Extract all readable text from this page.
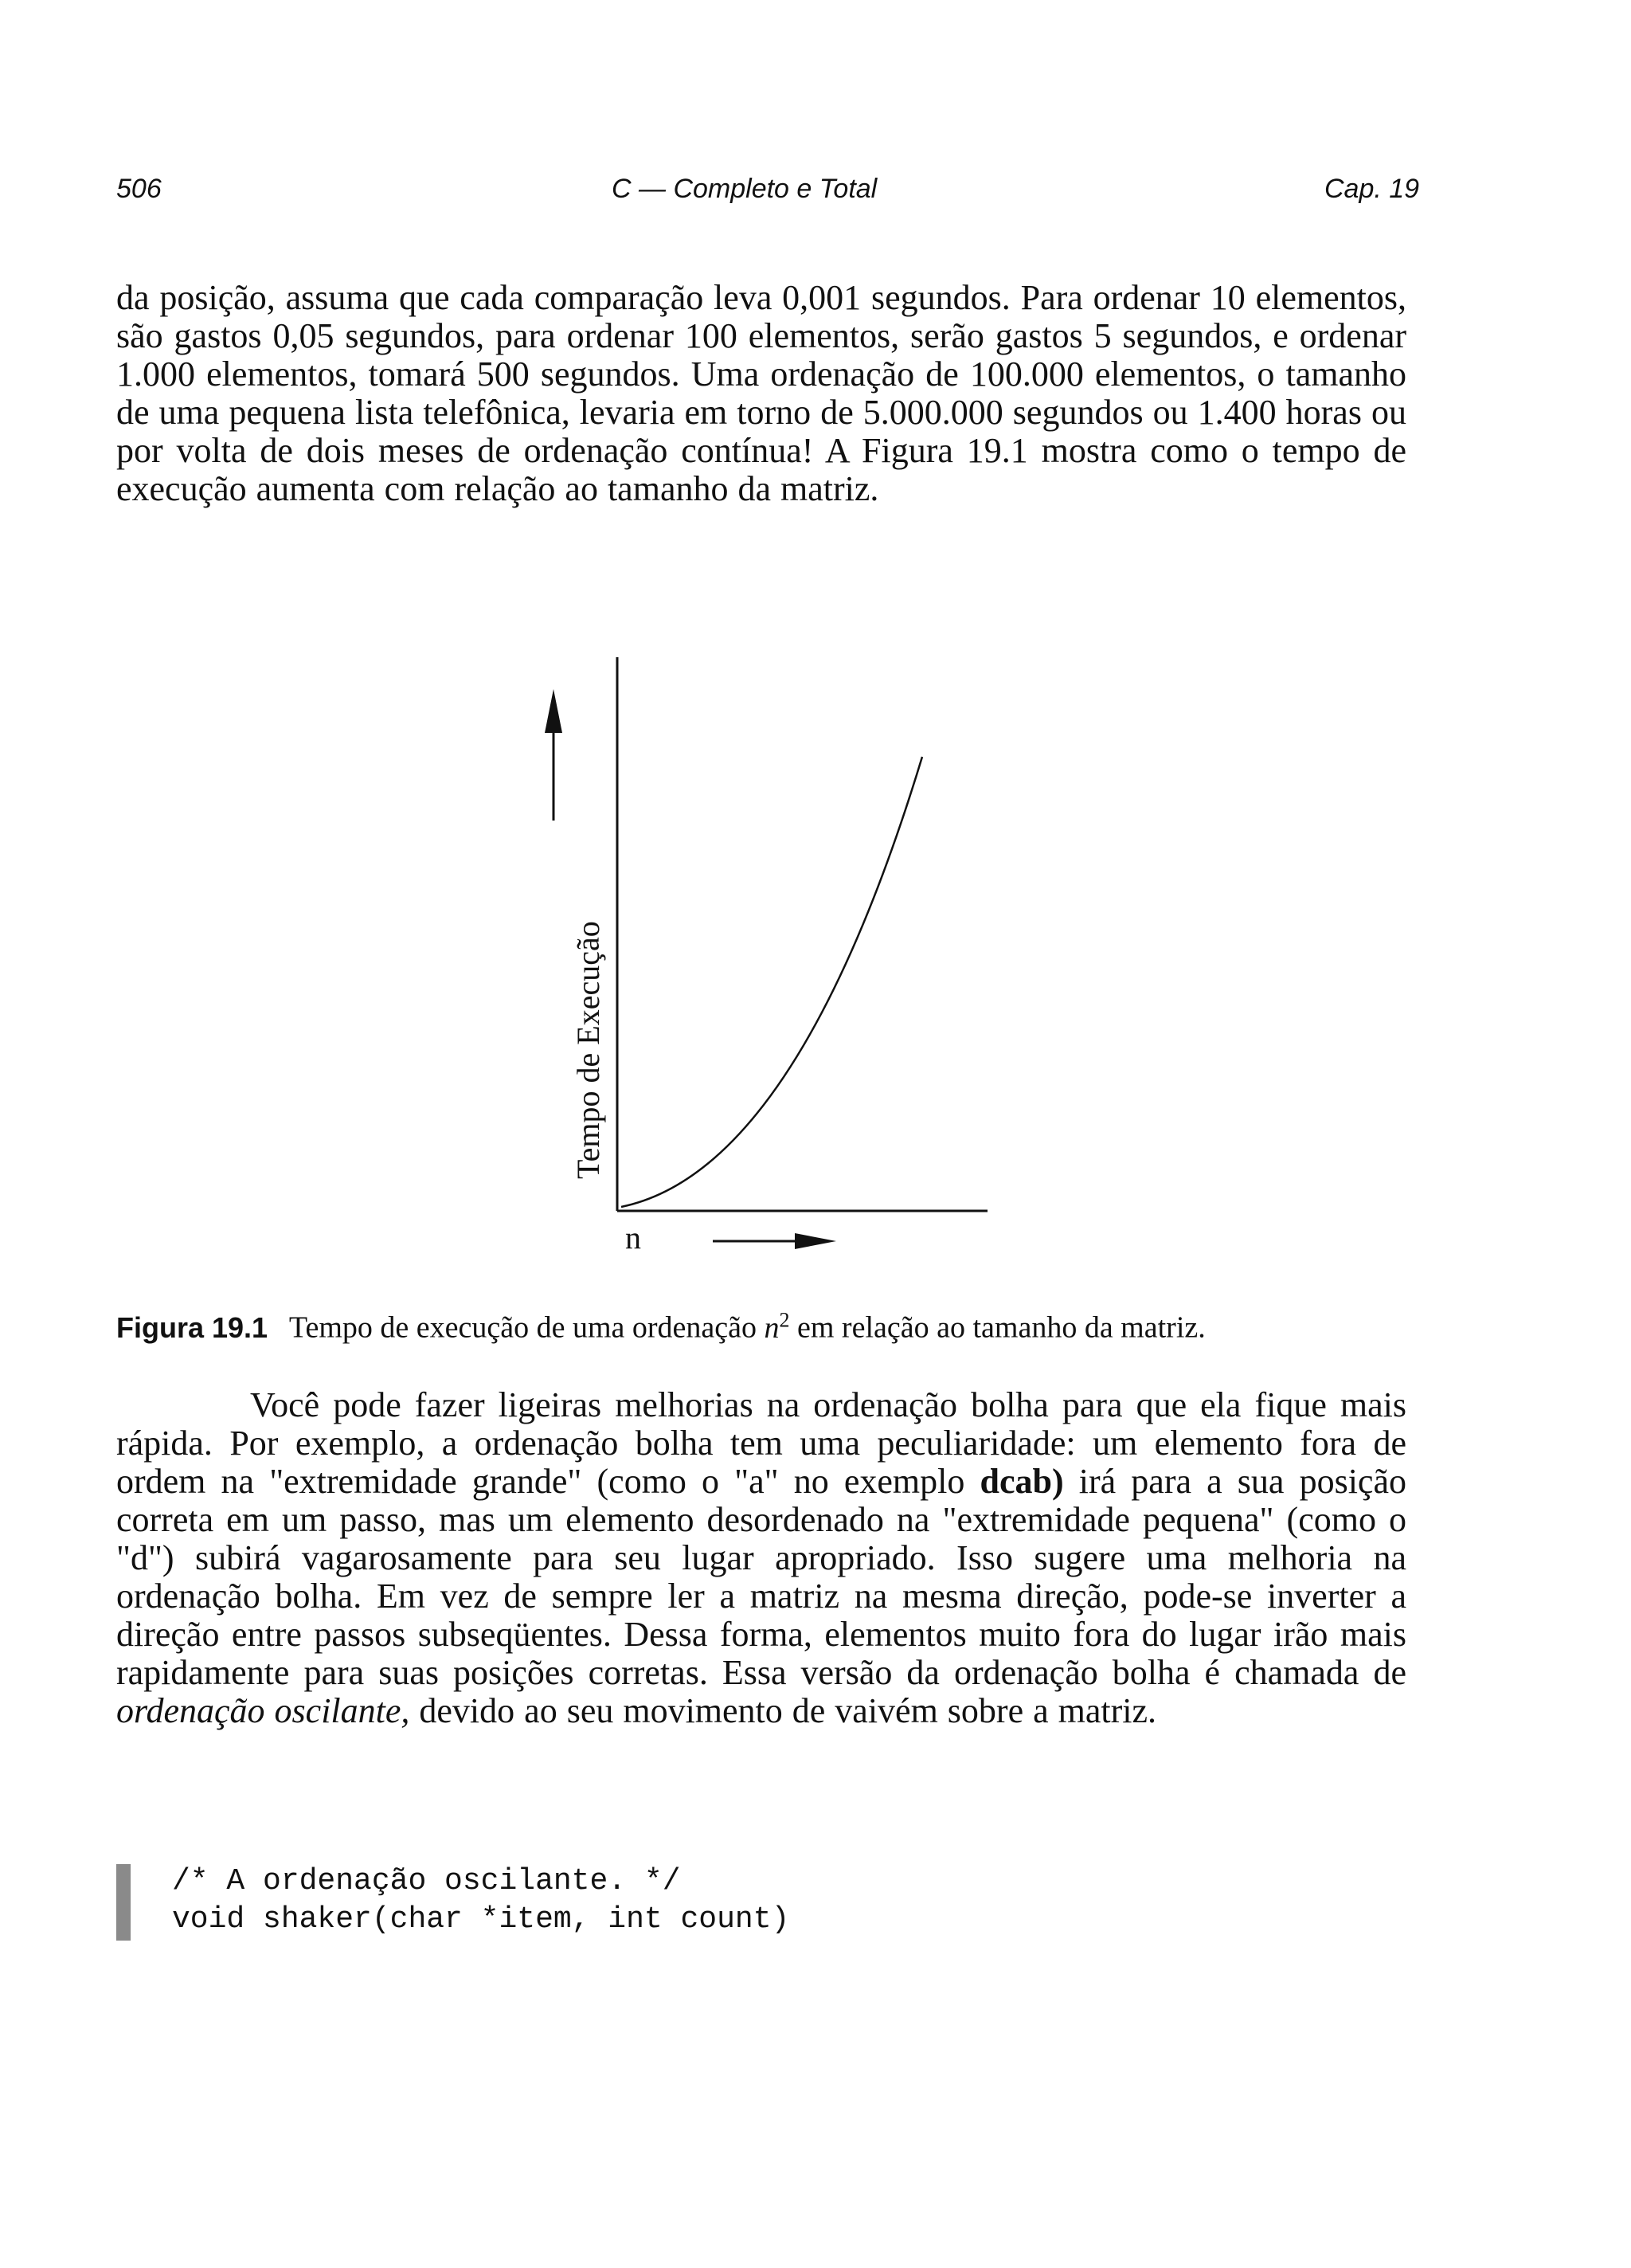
506	C — Completo e Total	Cap. 19

da posição, assuma que cada comparação leva 0,001 segundos. Para ordenar 10 elementos, são gastos 0,05 segundos, para ordenar 100 elementos, serão gastos 5 segundos, e ordenar 1.000 elementos, tomará 500 segundos. Uma ordenação de 100.000 elementos, o tamanho de uma pequena lista telefônica, levaria em torno de 5.000.000 segundos ou 1.400 horas ou por volta de dois meses de ordenação contínua! A Figura 19.1 mostra como o tempo de execução aumenta com relação ao tamanho da matriz.

Tempo de Execução
n
Figura 19.1 Tempo de execução de uma ordenação $n^2$ em relação ao tamanho da matriz.

Você pode fazer ligeiras melhorias na ordenação bolha para que ela fique mais rápida. Por exemplo, a ordenação bolha tem uma peculiaridade: um elemento fora de ordem na "extremidade grande" (como o "a" no exemplo dcab) irá para a sua posição correta em um passo, mas um elemento desordenado na "extremidade pequena" (como o "d") subirá vagarosamente para seu lugar apropriado. Isso sugere uma melhoria na ordenação bolha. Em vez de sempre ler a matriz na mesma direção, pode-se inverter a direção entre passos subseqüentes. Dessa forma, elementos muito fora do lugar irão mais rapidamente para suas posições corretas. Essa versão da ordenação bolha é chamada de ordenação oscilante, devido ao seu movimento de vaivém sobre a matriz.

/* A ordenação oscilante. */
void shaker(char *item, int count)
